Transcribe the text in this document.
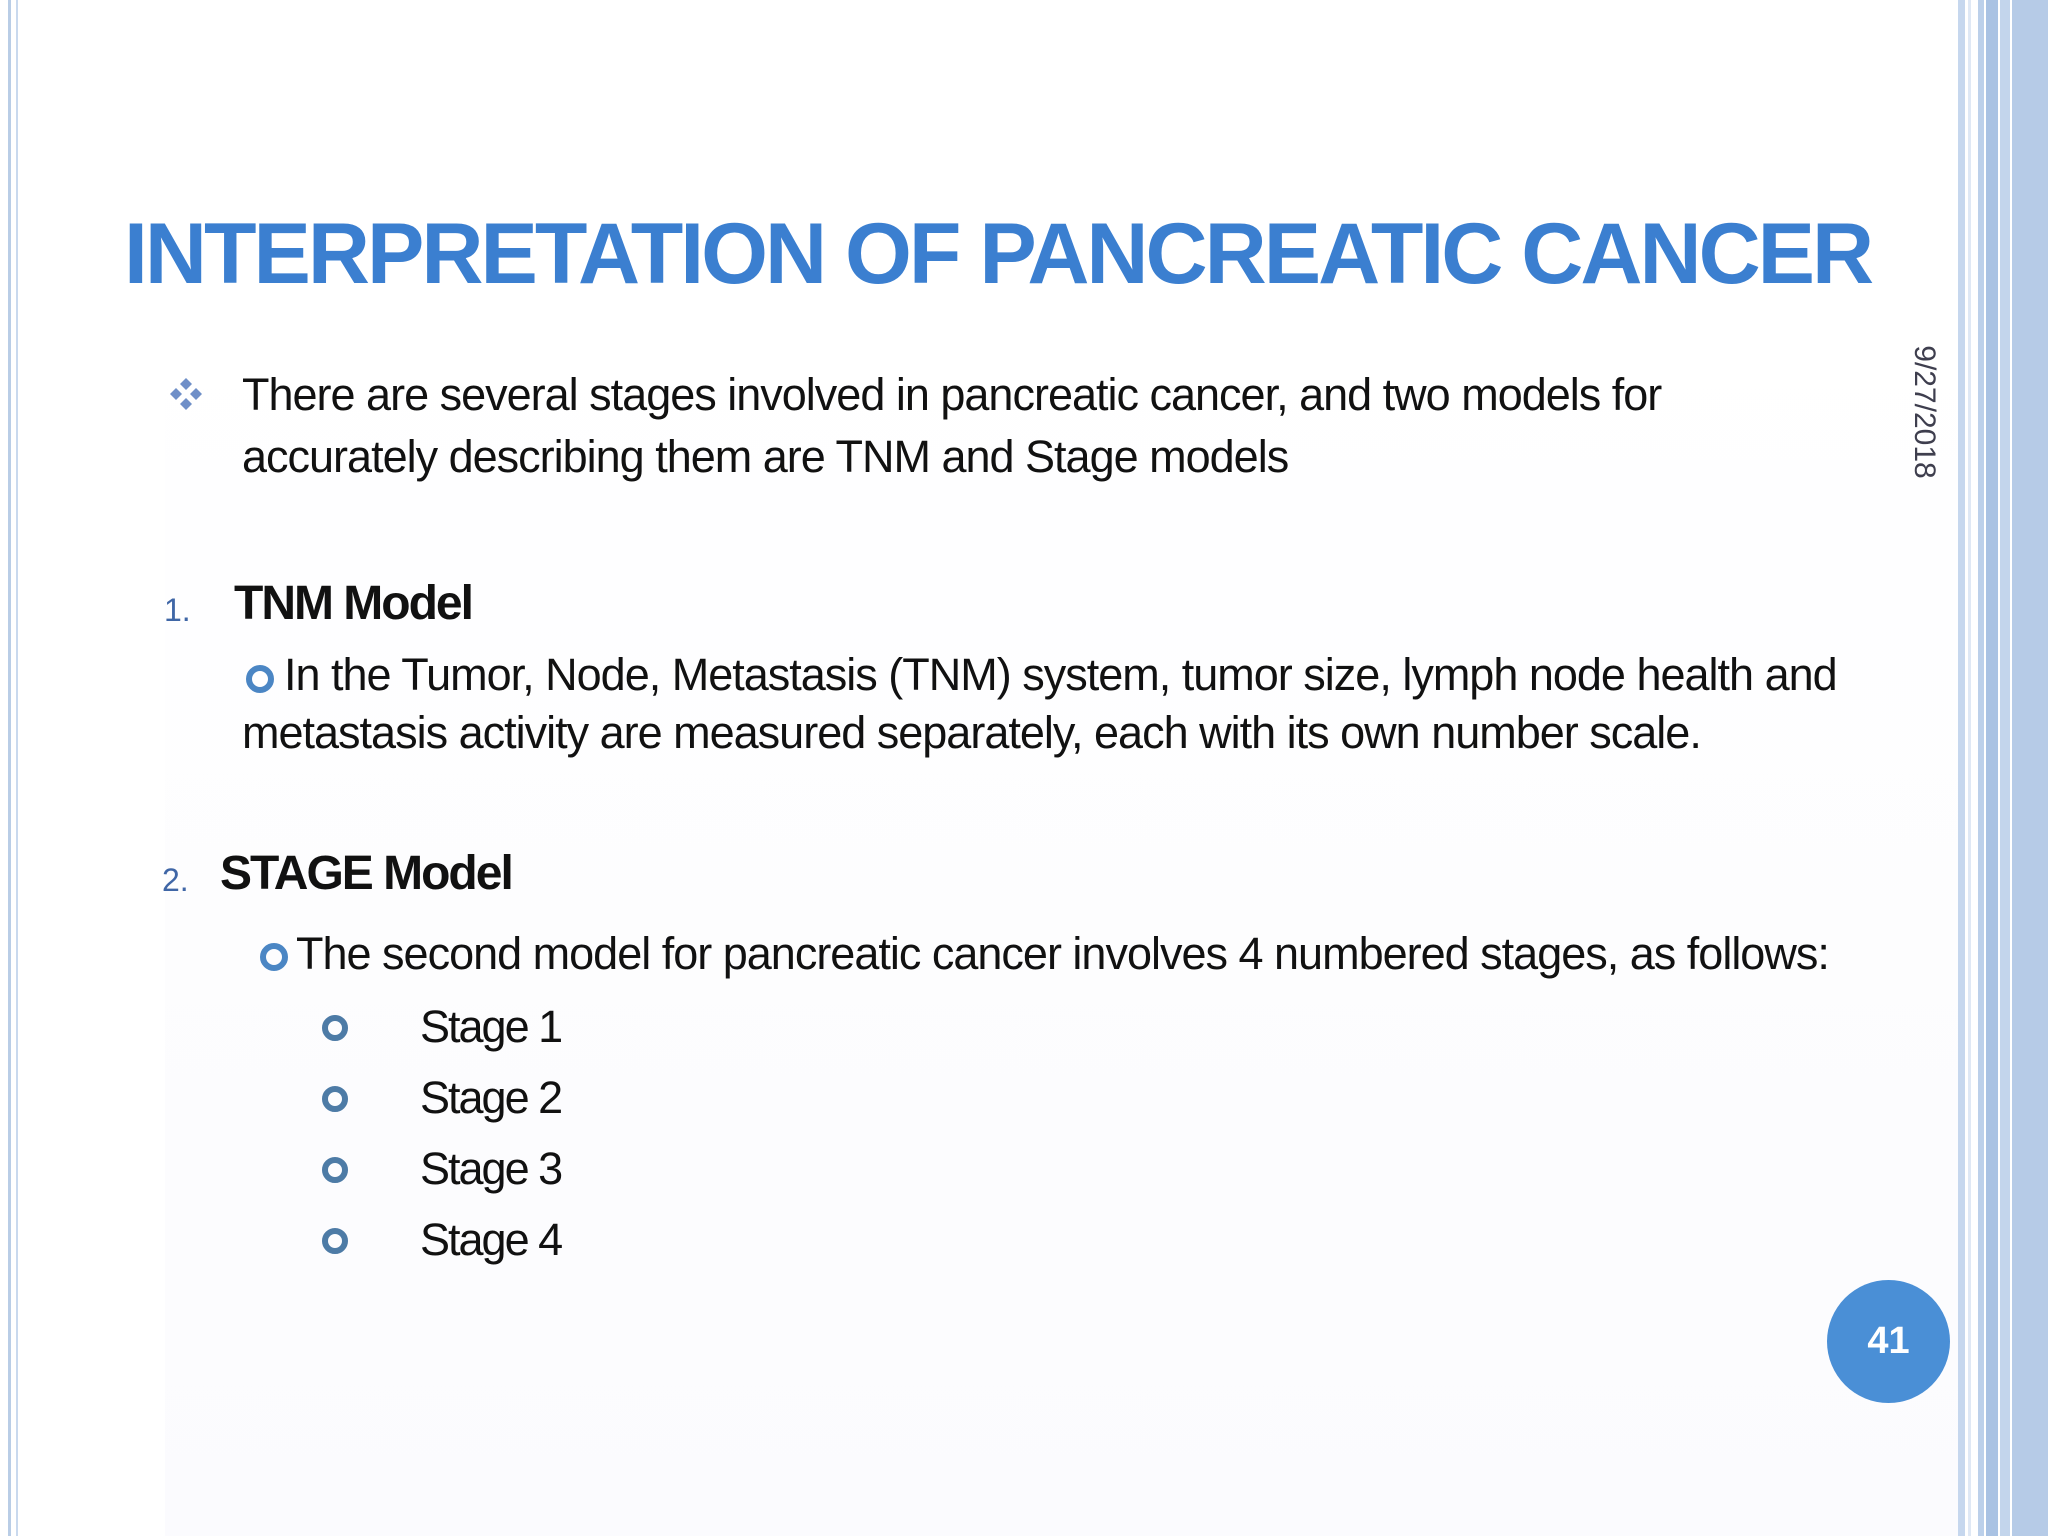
INTERPRETATION OF PANCREATIC CANCER
9/27/2018

There are several stages involved in pancreatic cancer, and two models for accurately describing them are TNM and Stage models

1. TNM Model

In the Tumor, Node, Metastasis (TNM) system, tumor size, lymph node health and metastasis activity are measured separately, each with its own number scale.

2. STAGE Model

The second model for pancreatic cancer involves 4 numbered stages, as follows:

Stage 1
Stage 2
Stage 3
Stage 4
41
